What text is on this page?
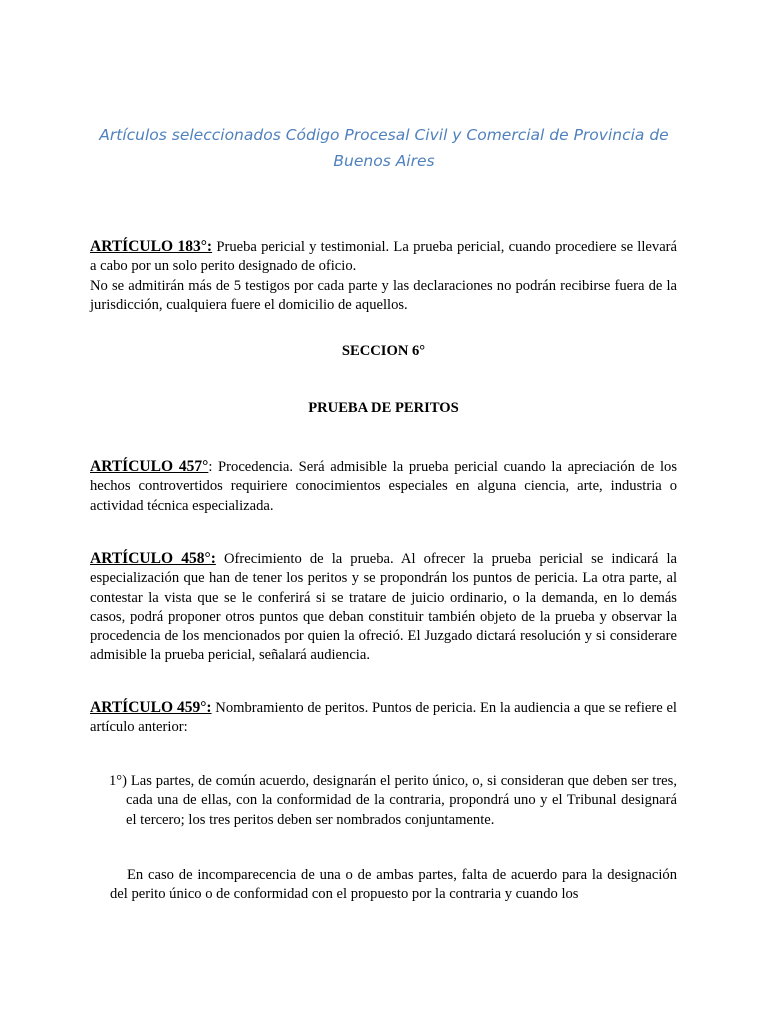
Artículos seleccionados Código Procesal Civil y Comercial de Provincia de Buenos Aires
ARTÍCULO 183°: Prueba pericial y testimonial. La prueba pericial, cuando procediere se llevará a cabo por un solo perito designado de oficio.
No se admitirán más de 5 testigos por cada parte y las declaraciones no podrán recibirse fuera de la jurisdicción, cualquiera fuere el domicilio de aquellos.
SECCION 6°
PRUEBA DE PERITOS
ARTÍCULO 457°: Procedencia. Será admisible la prueba pericial cuando la apreciación de los hechos controvertidos requiriere conocimientos especiales en alguna ciencia, arte, industria o actividad técnica especializada.
ARTÍCULO 458°: Ofrecimiento de la prueba. Al ofrecer la prueba pericial se indicará la especialización que han de tener los peritos y se propondrán los puntos de pericia. La otra parte, al contestar la vista que se le conferirá si se tratare de juicio ordinario, o la demanda, en lo demás casos, podrá proponer otros puntos que deban constituir también objeto de la prueba y observar la procedencia de los mencionados por quien la ofreció. El Juzgado dictará resolución y si considerare admisible la prueba pericial, señalará audiencia.
ARTÍCULO 459°: Nombramiento de peritos. Puntos de pericia. En la audiencia a que se refiere el artículo anterior:
1°) Las partes, de común acuerdo, designarán el perito único, o, si consideran que deben ser tres, cada una de ellas, con la conformidad de la contraria, propondrá uno y el Tribunal designará el tercero; los tres peritos deben ser nombrados conjuntamente.
En caso de incomparecencia de una o de ambas partes, falta de acuerdo para la designación del perito único o de conformidad con el propuesto por la contraria y cuando los
